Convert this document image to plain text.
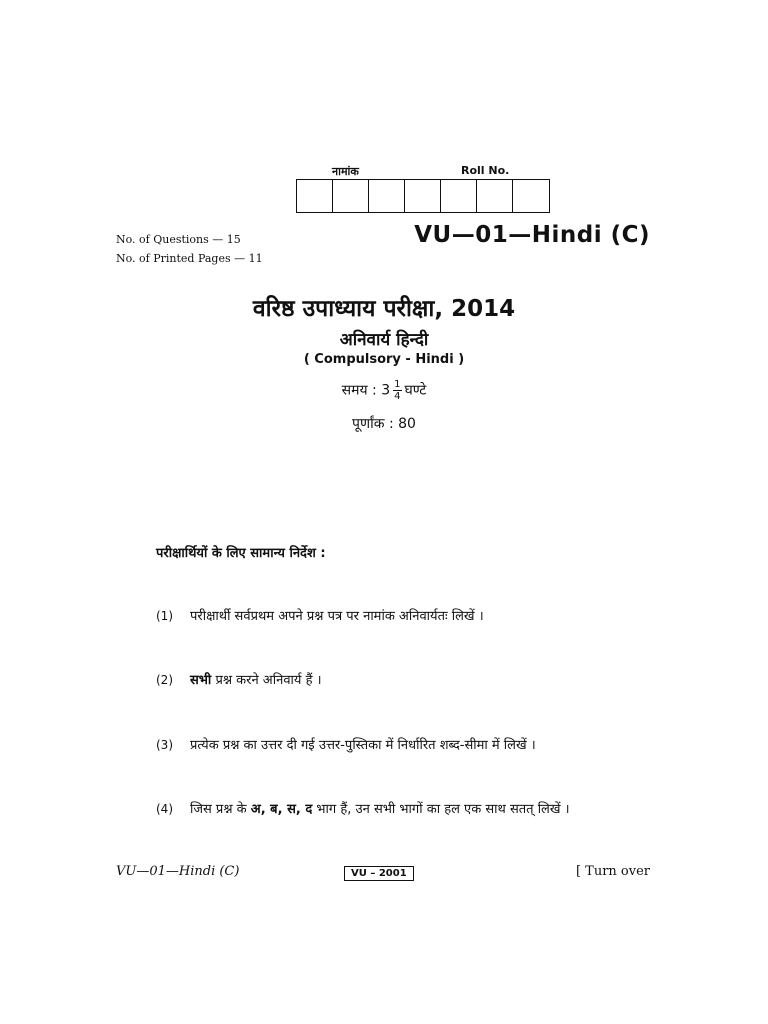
नामांक	Roll No.
No. of Questions — 15
No. of Printed Pages — 11
VU—01—Hindi (C)
वरिष्ठ उपाध्याय परीक्षा, 2014
अनिवार्य हिन्दी
( Compulsory - Hindi )
समय : $3 \frac{1}{4}$ घण्टे
पूर्णांक : 80
परीक्षार्थियों के लिए सामान्य निर्देश :
(1) परीक्षार्थी सर्वप्रथम अपने प्रश्न पत्र पर नामांक अनिवार्यतः लिखें ।
(2) सभी प्रश्न करने अनिवार्य हैं ।
(3) प्रत्येक प्रश्न का उत्तर दी गई उत्तर-पुस्तिका में निर्धारित शब्द-सीमा में लिखें ।
(4) जिस प्रश्न के अ, ब, स, द भाग हैं, उन सभी भागों का हल एक साथ सतत् लिखें ।
VU—01—Hindi (C)	VU – 2001	[ Turn over
